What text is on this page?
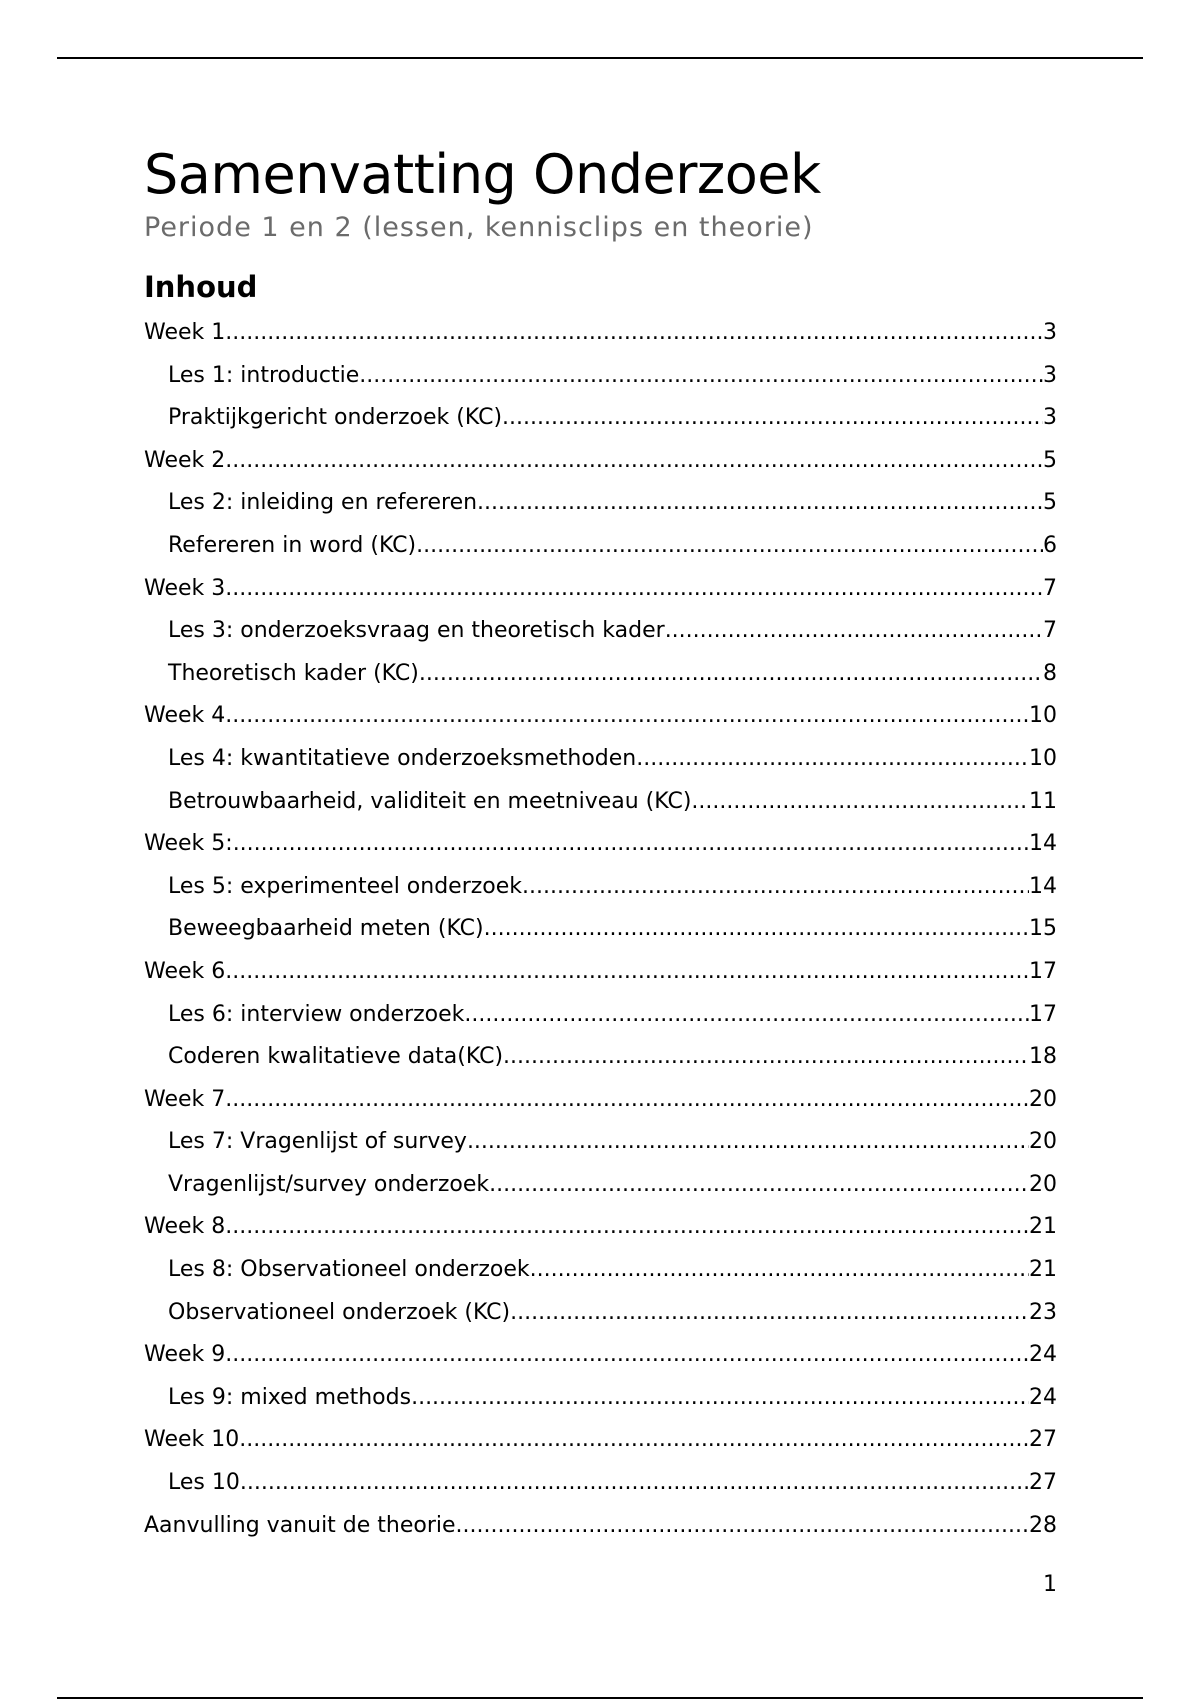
Samenvatting Onderzoek

Periode 1 en 2 (lessen, kennisclips en theorie)

Inhoud
Week 1 .....	3
Les 1: introductie .....	3
Praktijkgericht onderzoek (KC) .....	3
Week 2 .....	5
Les 2: inleiding en refereren .....	5
Refereren in word (KC) .....	6
Week 3 .....	7
Les 3: onderzoeksvraag en theoretisch kader .....	7
Theoretisch kader (KC) .....	8
Week 4 .....	10
Les 4: kwantitatieve onderzoeksmethoden .....	10
Betrouwbaarheid, validiteit en meetniveau (KC) .....	11
Week 5: .....	14
Les 5: experimenteel onderzoek .....	14
Beweegbaarheid meten (KC) .....	15
Week 6 .....	17
Les 6: interview onderzoek .....	17
Coderen kwalitatieve data(KC) .....	18
Week 7 .....	20
Les 7: Vragenlijst of survey .....	20
Vragenlijst/survey onderzoek .....	20
Week 8 .....	21
Les 8: Observationeel onderzoek .....	21
Observationeel onderzoek (KC) .....	23
Week 9 .....	24
Les 9: mixed methods .....	24
Week 10 .....	27
Les 10 .....	27
Aanvulling vanuit de theorie .....	28
1
